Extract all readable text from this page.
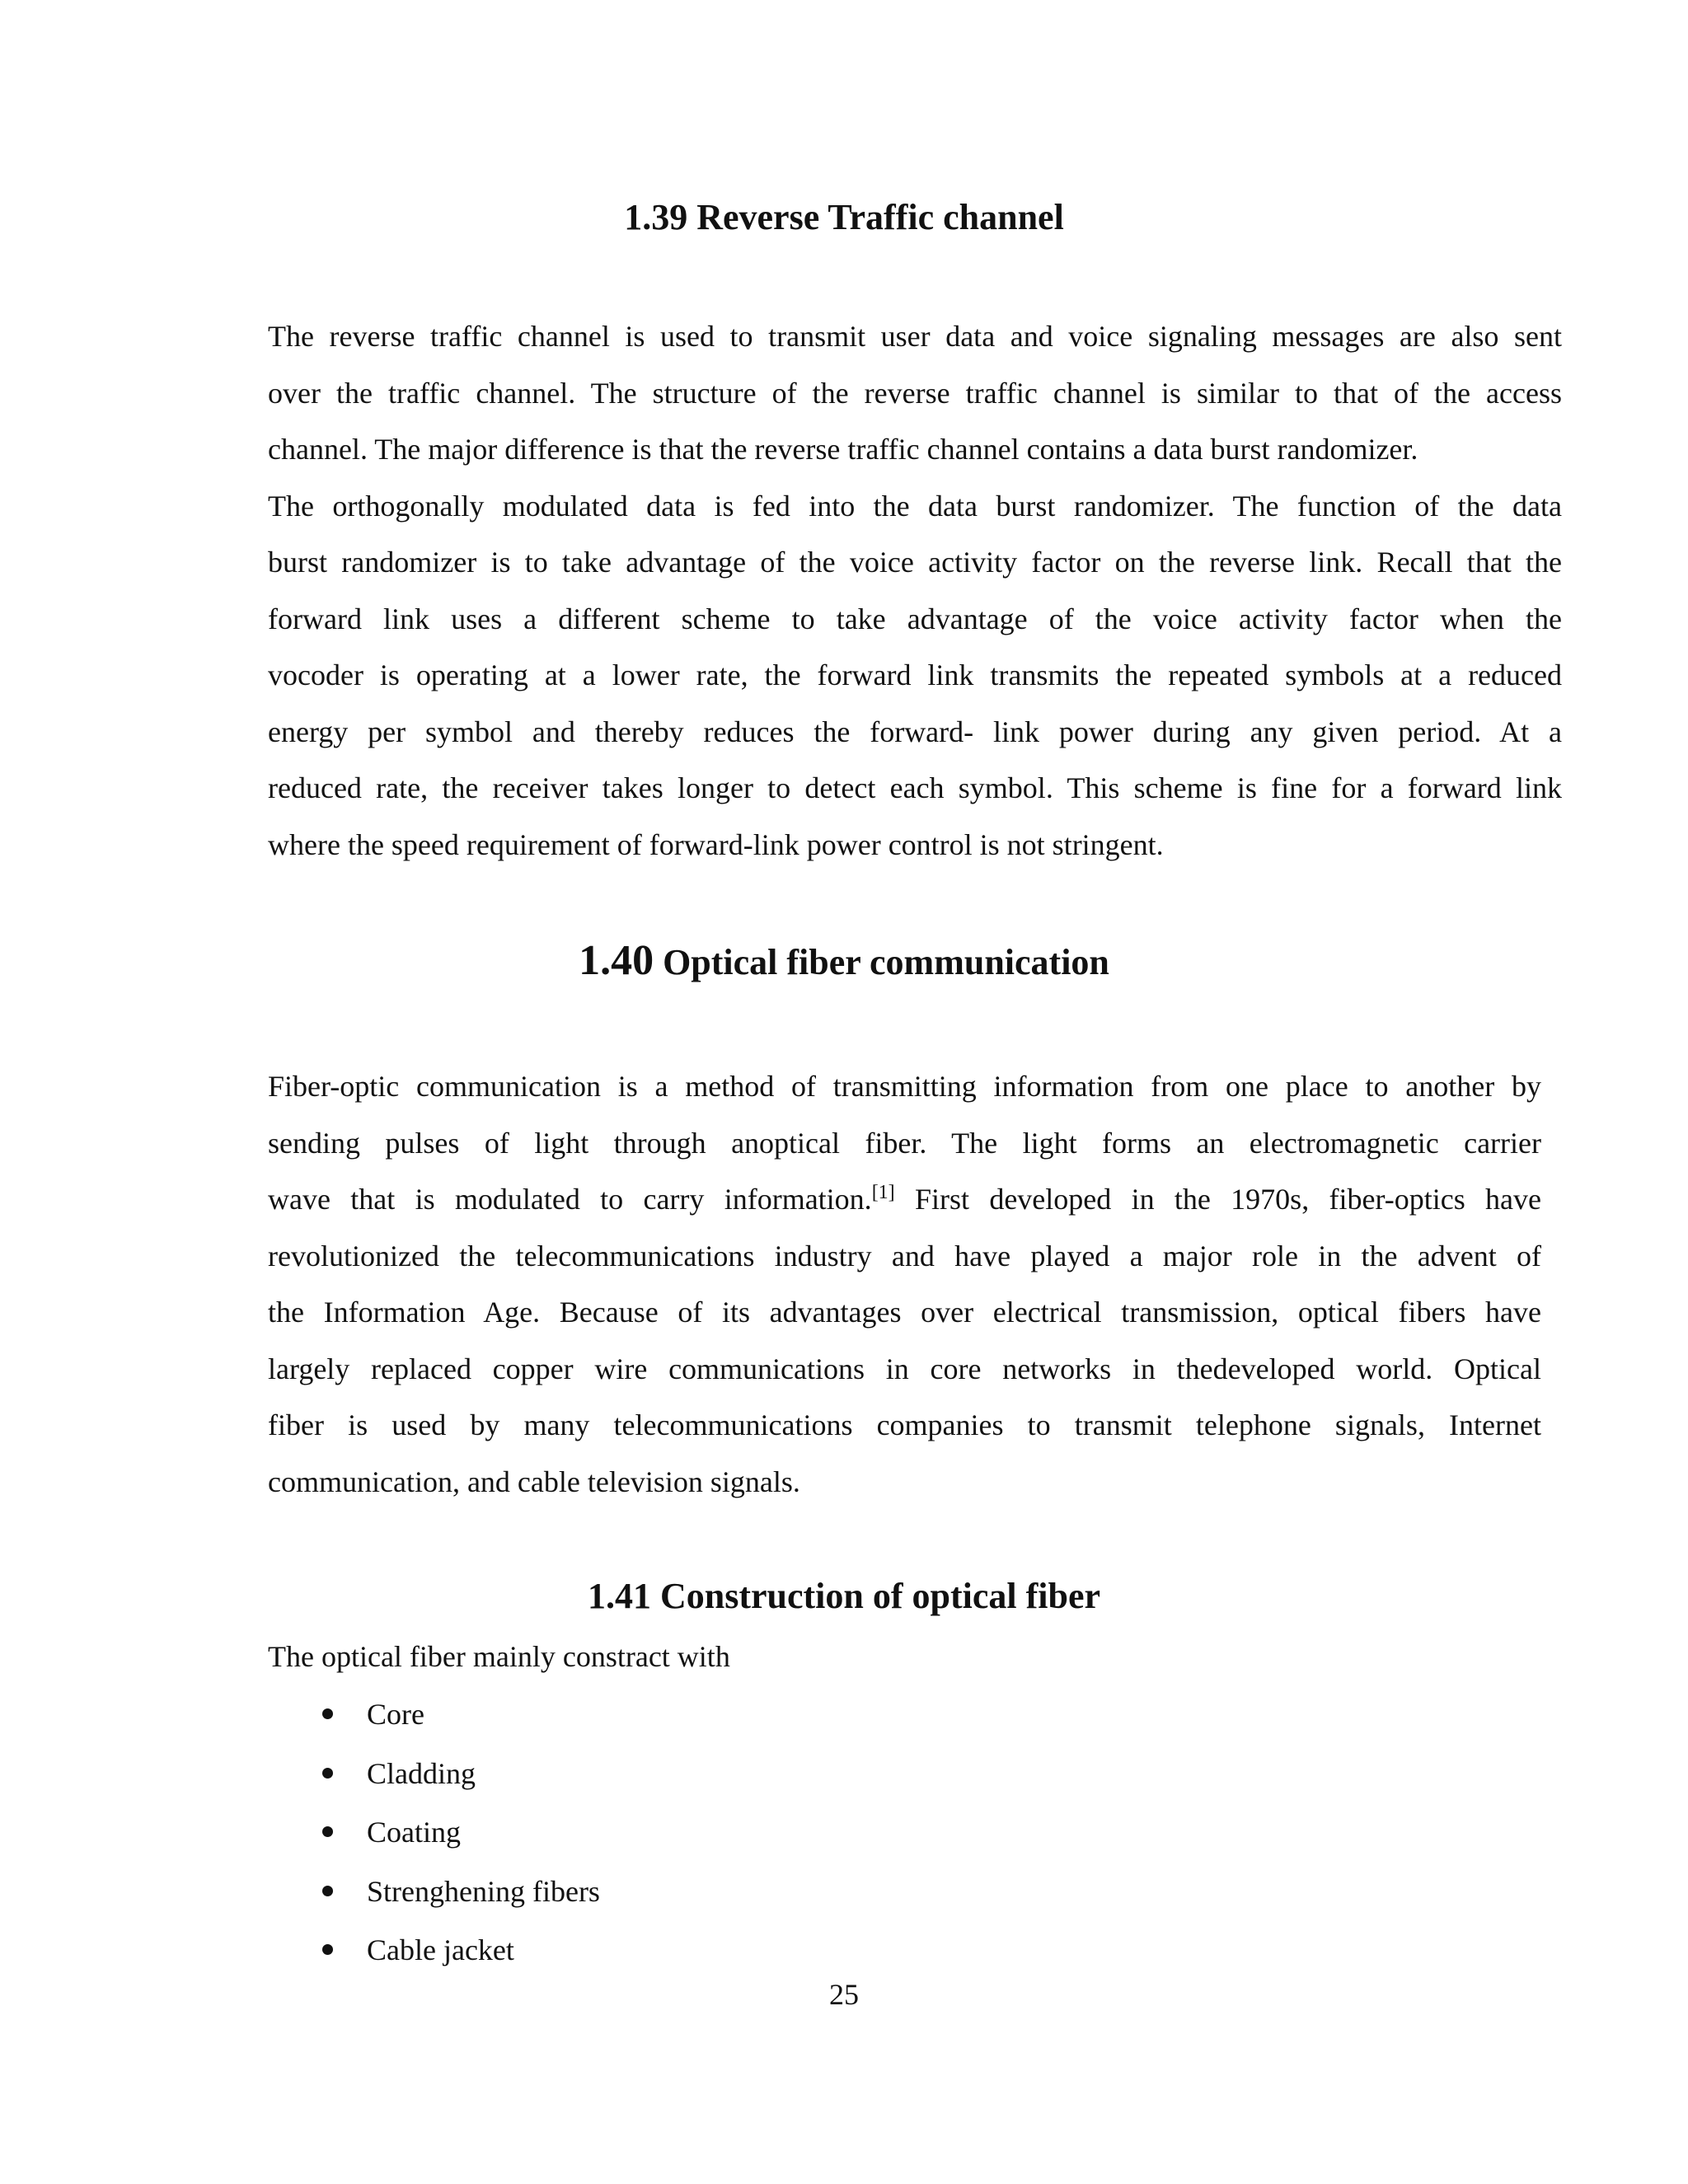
1.39 Reverse Traffic channel
The reverse traffic channel is used to transmit user data and voice signaling messages are also sent
over the traffic channel. The structure of the reverse traffic channel is similar to that of the access
channel. The major difference is that the reverse traffic channel contains a data burst randomizer.
The orthogonally modulated data is fed into the data burst randomizer. The function of the data
burst randomizer is to take advantage of the voice activity factor on the reverse link. Recall that the
forward link uses a different scheme to take advantage of the voice activity factor when the
vocoder is operating at a lower rate, the forward link transmits the repeated symbols at a reduced
energy per symbol and thereby reduces the forward- link power during any given period. At a
reduced rate, the receiver takes longer to detect each symbol. This scheme is fine for a forward link
where the speed requirement of forward-link power control is not stringent.
1.40 Optical fiber communication
Fiber-optic communication is a method of transmitting information from one place to another by
sending pulses of light through anoptical fiber. The light forms an electromagnetic carrier
wave that is modulated to carry information.[1] First developed in the 1970s, fiber-optics have
revolutionized the telecommunications industry and have played a major role in the advent of
the Information Age. Because of its advantages over electrical transmission, optical fibers have
largely replaced copper wire communications in core networks in thedeveloped world. Optical
fiber is used by many telecommunications companies to transmit telephone signals, Internet
communication, and cable television signals.
1.41 Construction of optical fiber

The optical fiber mainly constract with

Core
Cladding
Coating
Strenghening fibers
Cable jacket

25
